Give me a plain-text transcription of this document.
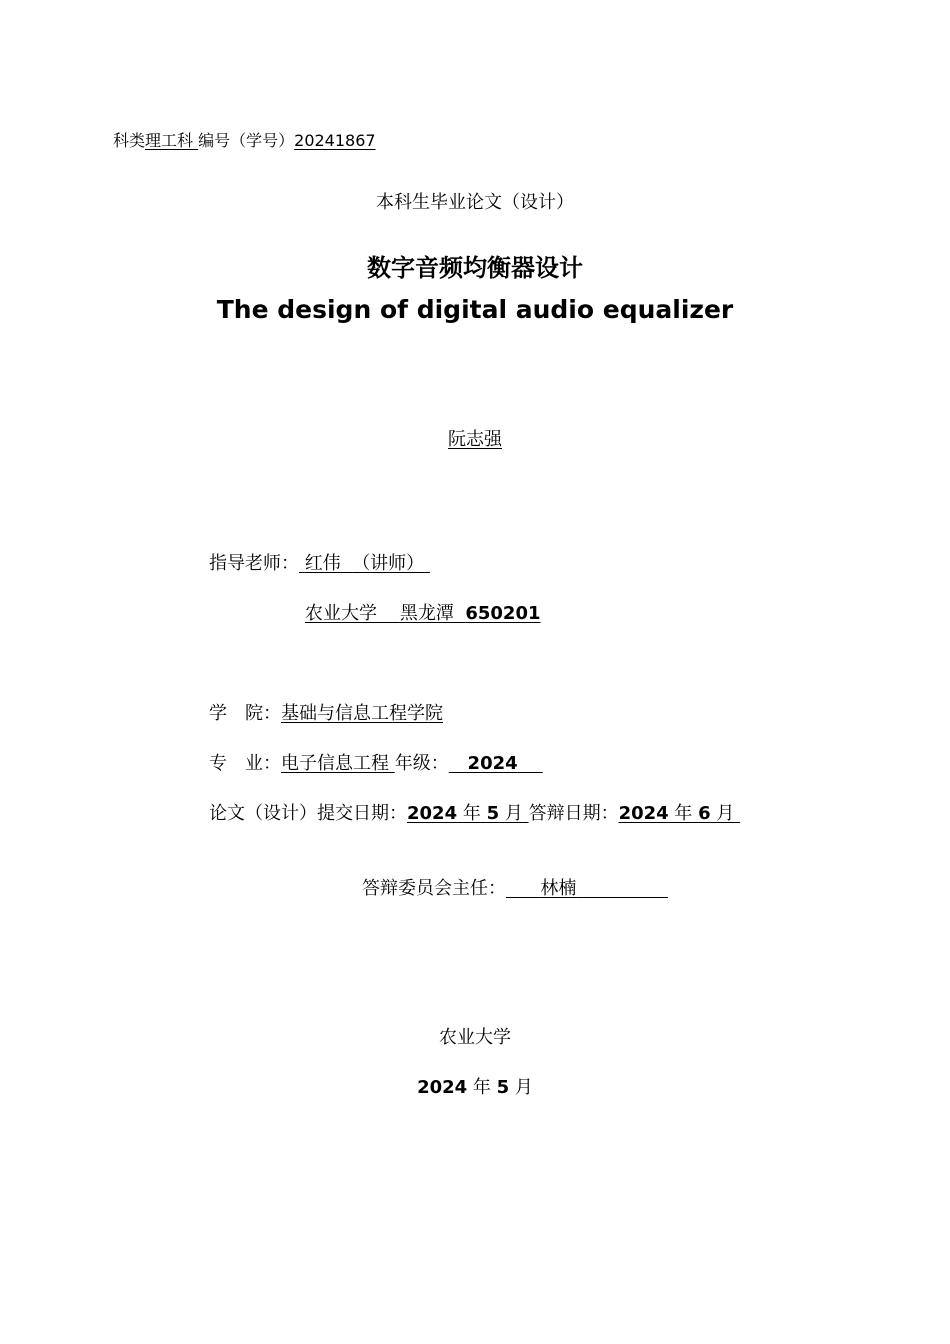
科类理工科 编号（学号）20241867
本科生毕业论文（设计）
数字音频均衡器设计
The design of digital audio equalizer
阮志强
指导老师： 红伟 （讲师）
农业大学 黑龙潭 650201
学　院：基础与信息工程学院
专　业：电子信息工程 年级： 2024
论文（设计）提交日期：2024 年 5 月 答辩日期：2024 年 6 月
答辩委员会主任： 林楠
农业大学
2024 年 5 月
